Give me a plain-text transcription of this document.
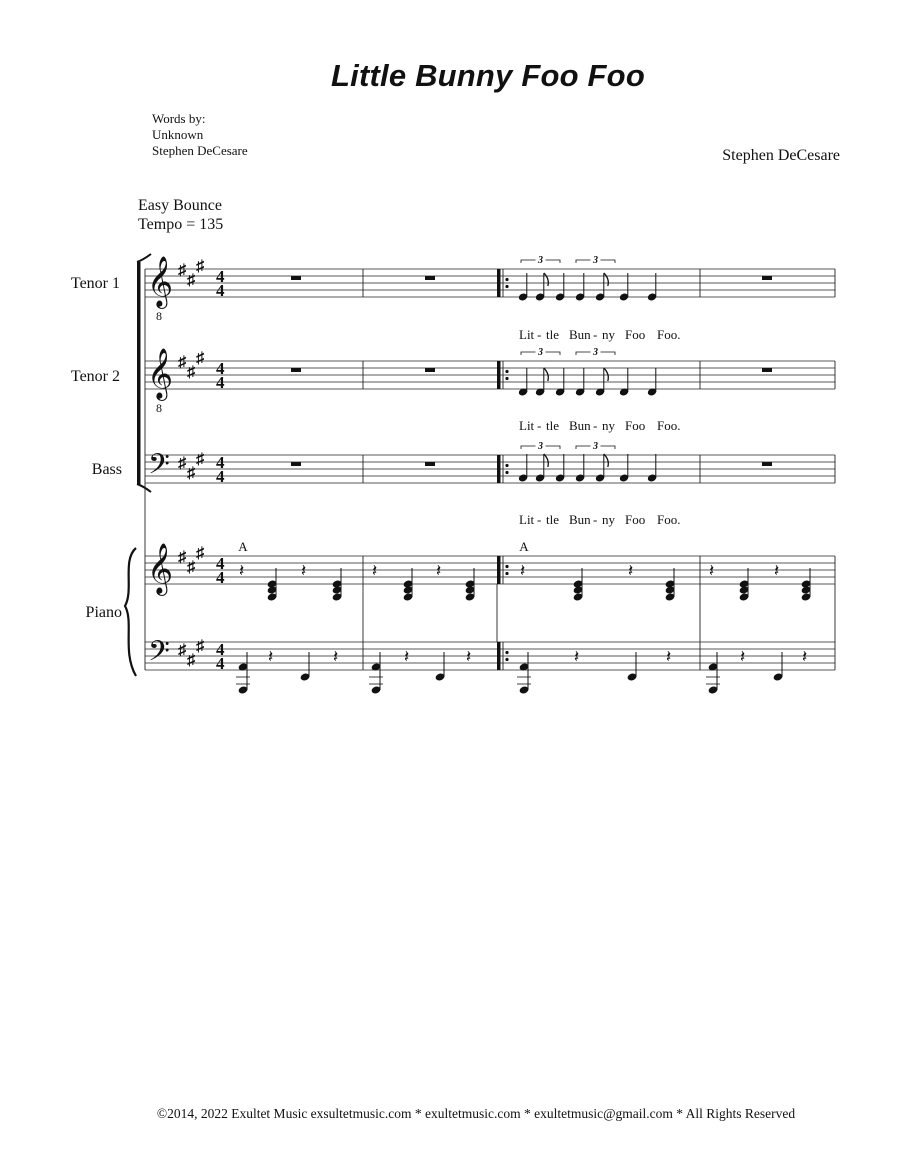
Little Bunny Foo Foo
Words by:
Unknown
Stephen DeCesare	Stephen DeCesare
Easy Bounce
Tempo = 135
Tenor 1
Tenor 2
Bass
Piano
Lit - tle Bun - ny Foo Foo.
Lit - tle Bun - ny Foo Foo.
Lit - tle Bun - ny Foo Foo.
©2014, 2022 Exultet Music exsultetmusic.com * exultetmusic.com * exultetmusic@gmail.com * All Rights Reserved
𝄞 ♯
♯
♯
4
4
𝄞 ♯
♯
♯
4
4
𝄢 ♯
♯
♯ 4
4
𝄞 ♯
♯
♯
4
4
𝄢 ♯
♯
♯ 4
4
8
8
3	3
3	3
3	3
A	A
𝄽	𝄽	𝄽	𝄽	𝄽	𝄽	𝄽	𝄽
𝄽	𝄽	𝄽	𝄽	𝄽	𝄽	𝄽	𝄽
